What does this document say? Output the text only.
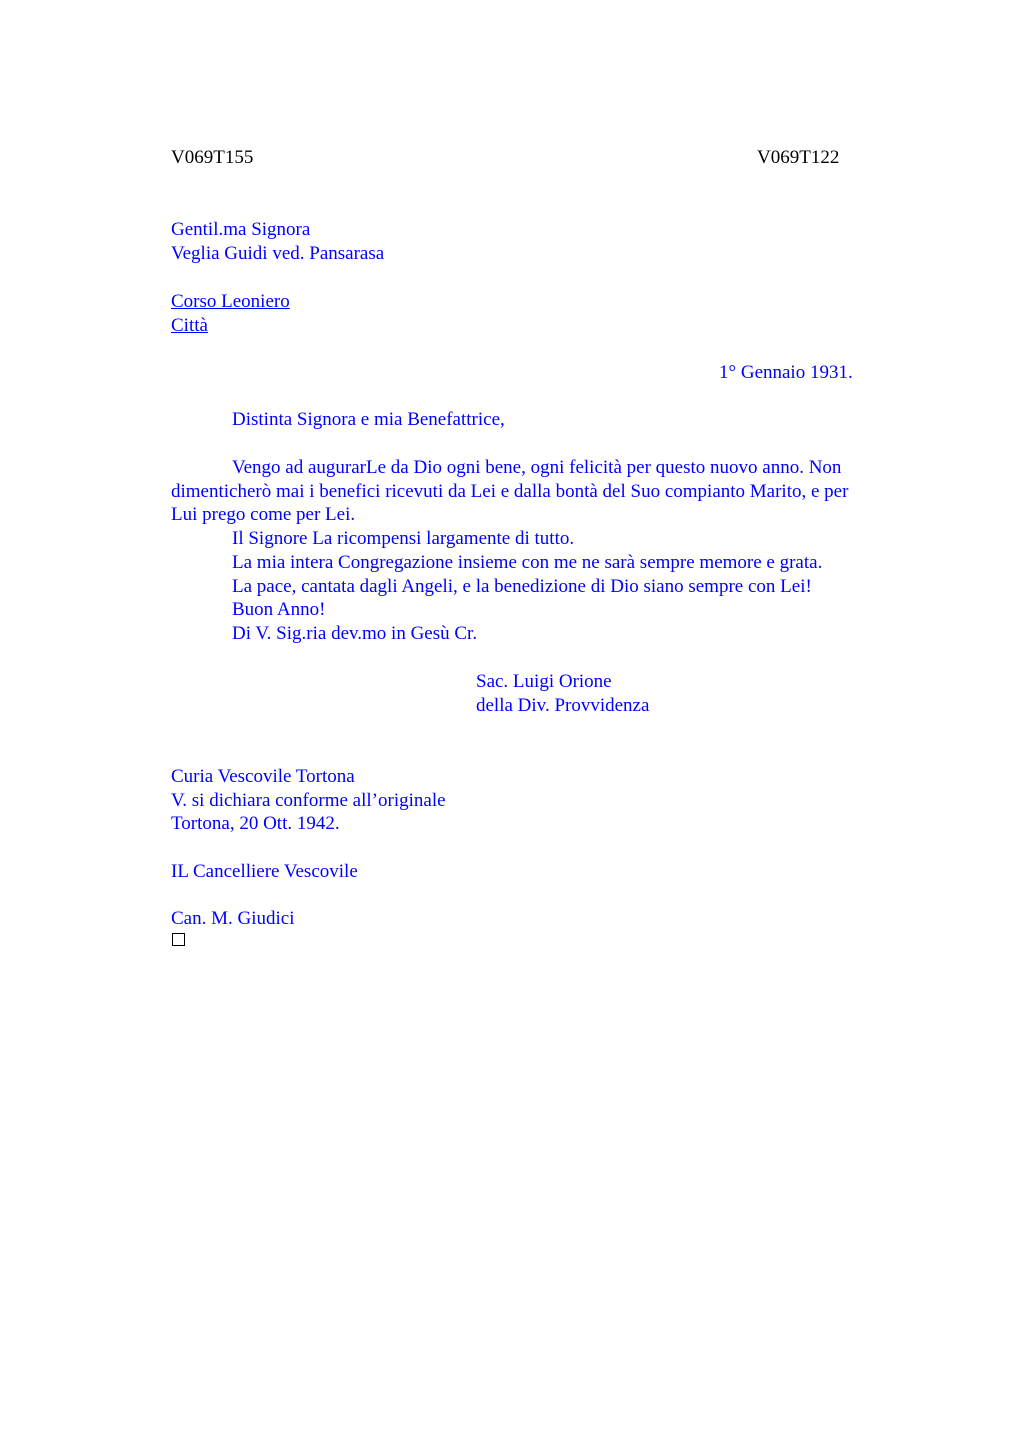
V069T155	V069T122
Gentil.ma Signora
Veglia Guidi ved. Pansarasa
Corso Leoniero
Città
1° Gennaio 1931.
Distinta Signora e mia Benefattrice,
Vengo ad augurarLe da Dio ogni bene, ogni felicità per questo nuovo anno. Non
dimenticherò mai i benefici ricevuti da Lei e dalla bontà del Suo compianto Marito, e per
Lui prego come per Lei.
Il Signore La ricompensi largamente di tutto.
La mia intera Congregazione insieme con me ne sarà sempre memore e grata.
La pace, cantata dagli Angeli, e la benedizione di Dio siano sempre con Lei!
Buon Anno!
Di V. Sig.ria dev.mo in Gesù Cr.
Sac. Luigi Orione
della Div. Provvidenza
Curia Vescovile Tortona
V. si dichiara conforme all’originale
Tortona, 20 Ott. 1942.
IL Cancelliere Vescovile
Can. M. Giudici
